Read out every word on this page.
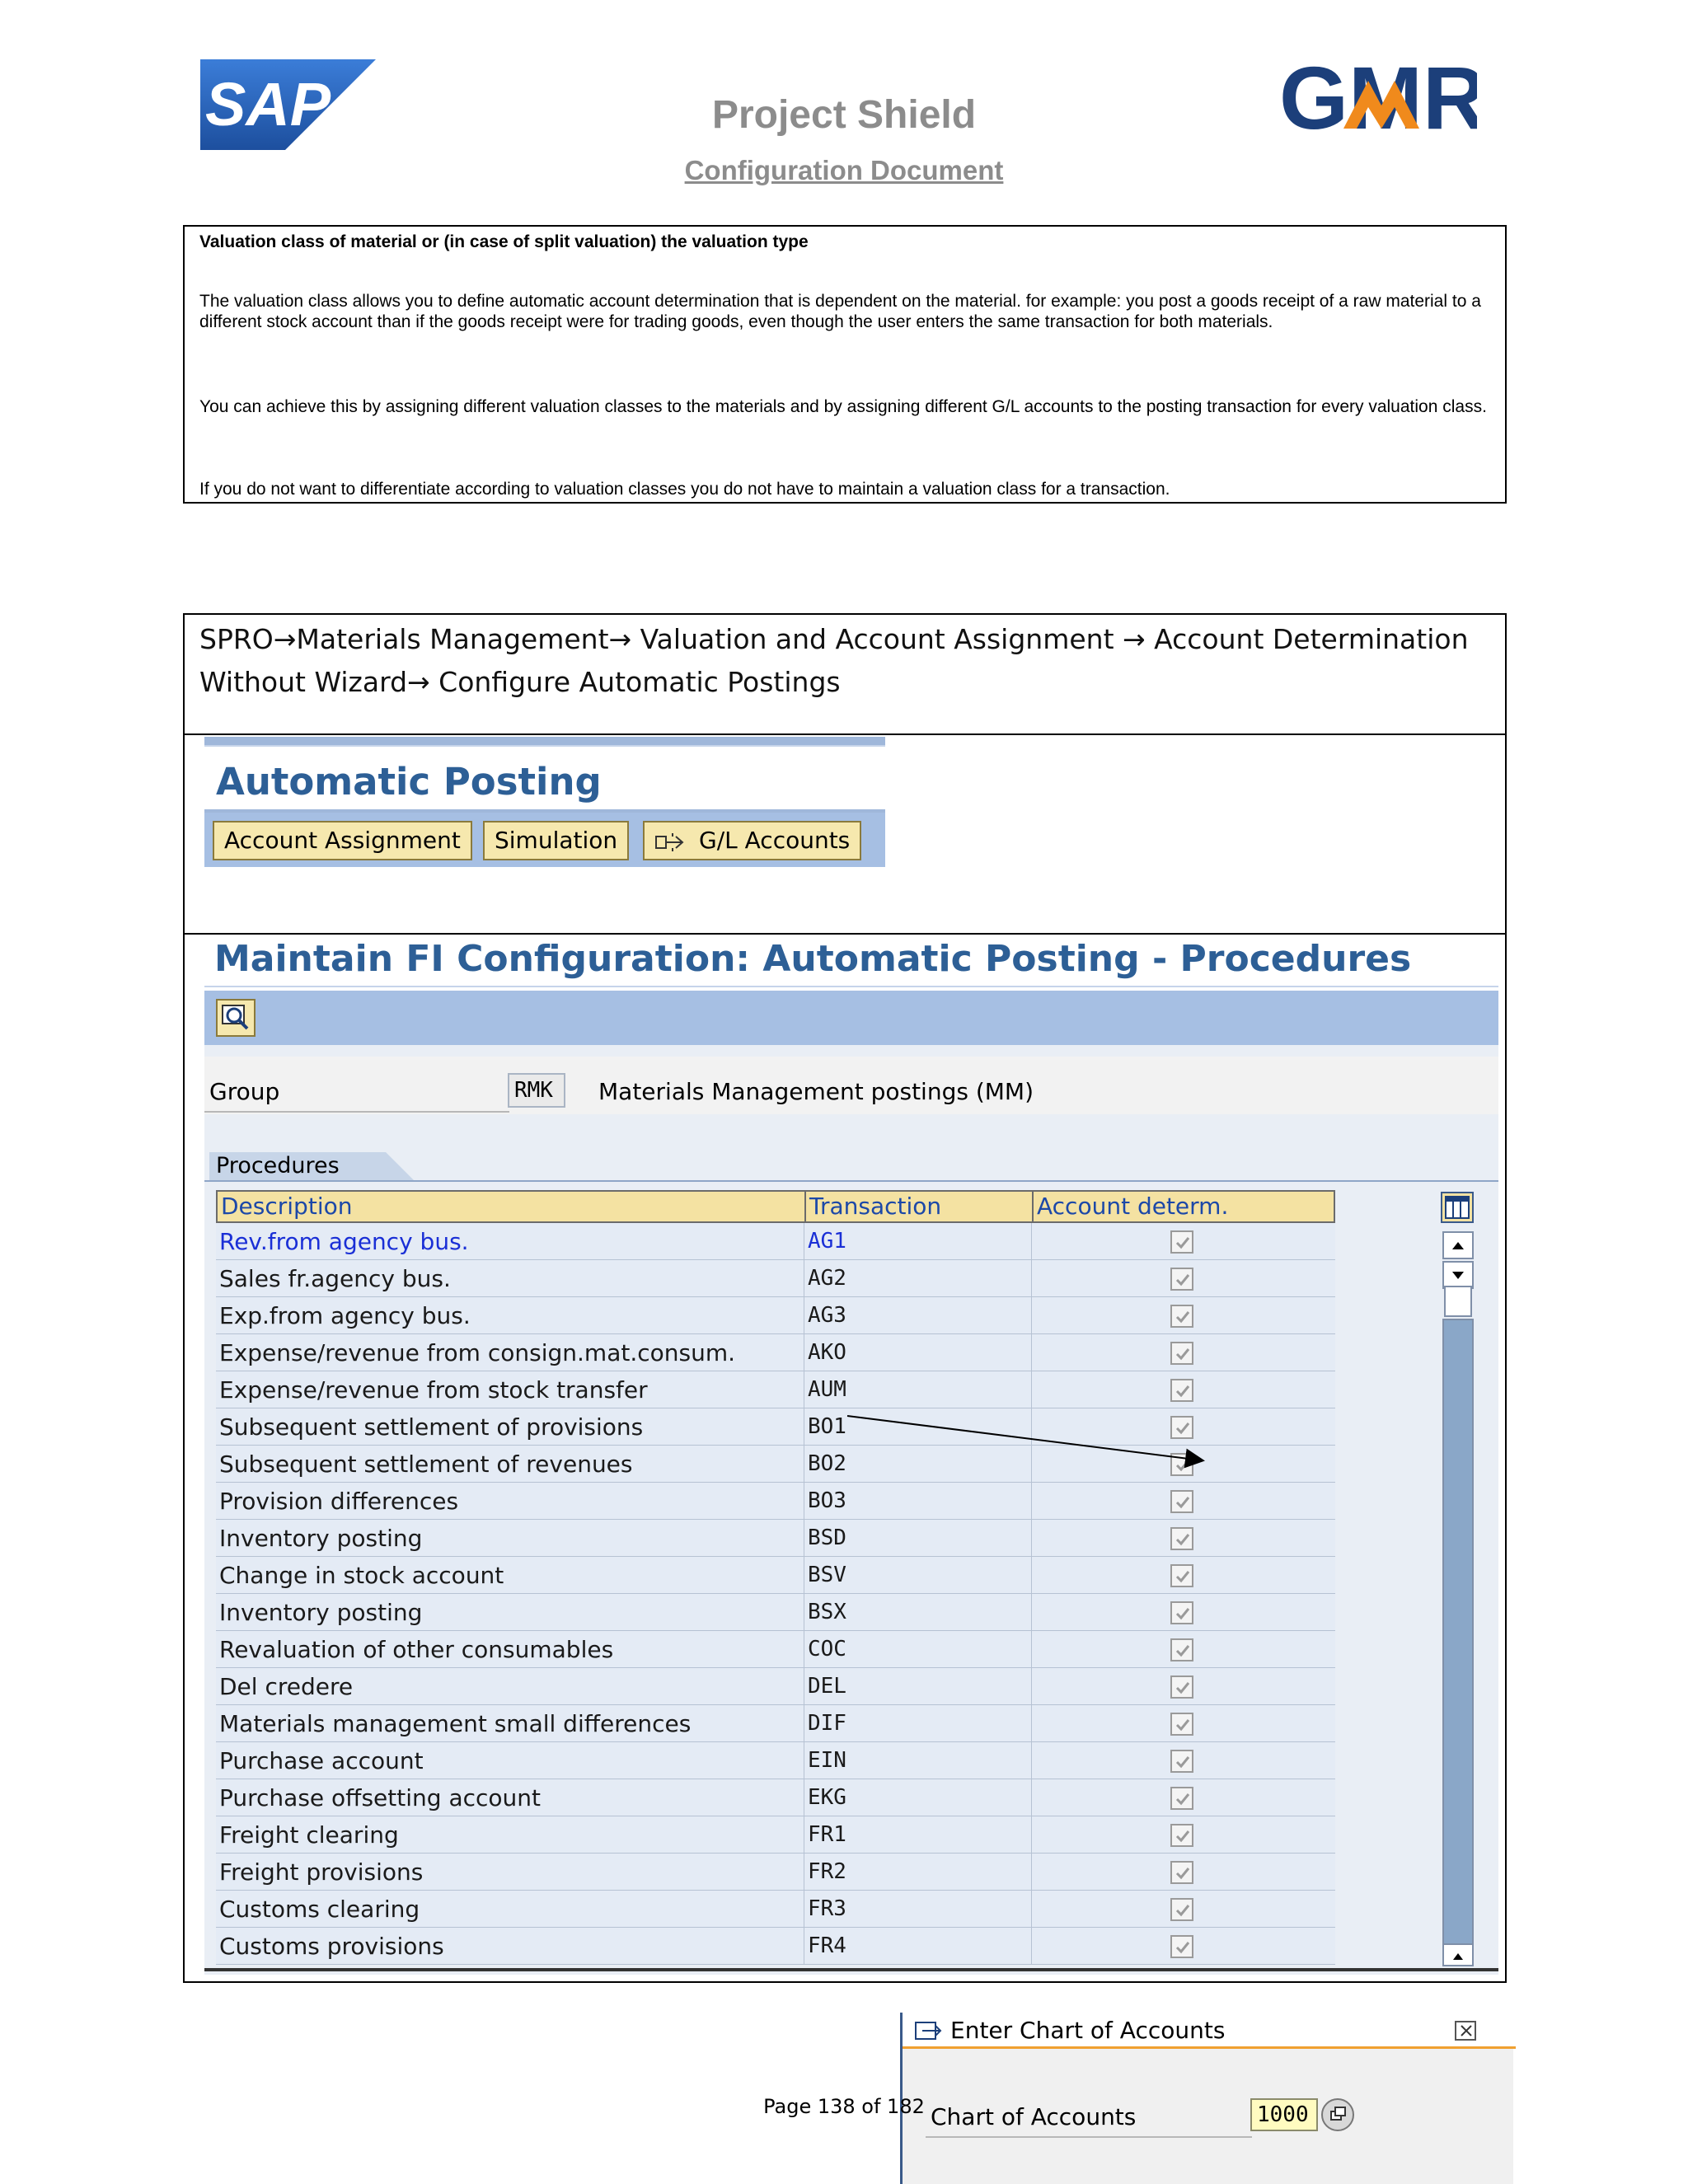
SAP	GMR
Project Shield
Configuration Document
Valuation class of material or (in case of split valuation) the valuation type

The valuation class allows you to define automatic account determination that is dependent on the material. for example: you post a goods receipt of a raw material to a different stock account than if the goods receipt were for trading goods, even though the user enters the same transaction for both materials.

You can achieve this by assigning different valuation classes to the materials and by assigning different G/L accounts to the posting transaction for every valuation class.

If you do not want to differentiate according to valuation classes you do not have to maintain a valuation class for a transaction.

SPRO→Materials Management→ Valuation and Account Assignment → Account Determination
Without Wizard→ Configure Automatic Postings
Automatic Posting
Account Assignment	Simulation	G/L Accounts
Maintain FI Configuration: Automatic Posting - Procedures
Group	RMK	Materials Management postings (MM)
Procedures
Description	Transaction	Account determ.
Rev.from agency bus.	AG1
Sales fr.agency bus.	AG2
Exp.from agency bus.	AG3
Expense/revenue from consign.mat.consum.	AKO
Expense/revenue from stock transfer	AUM
Subsequent settlement of provisions	BO1
Subsequent settlement of revenues	BO2
Provision differences	BO3
Inventory posting	BSD
Change in stock account	BSV
Inventory posting	BSX
Revaluation of other consumables	COC
Del credere	DEL
Materials management small differences	DIF
Purchase account	EIN
Purchase offsetting account	EKG
Freight clearing	FR1
Freight provisions	FR2
Customs clearing	FR3
Customs provisions	FR4
Enter Chart of Accounts
Chart of Accounts	1000
Page 138 of 182
